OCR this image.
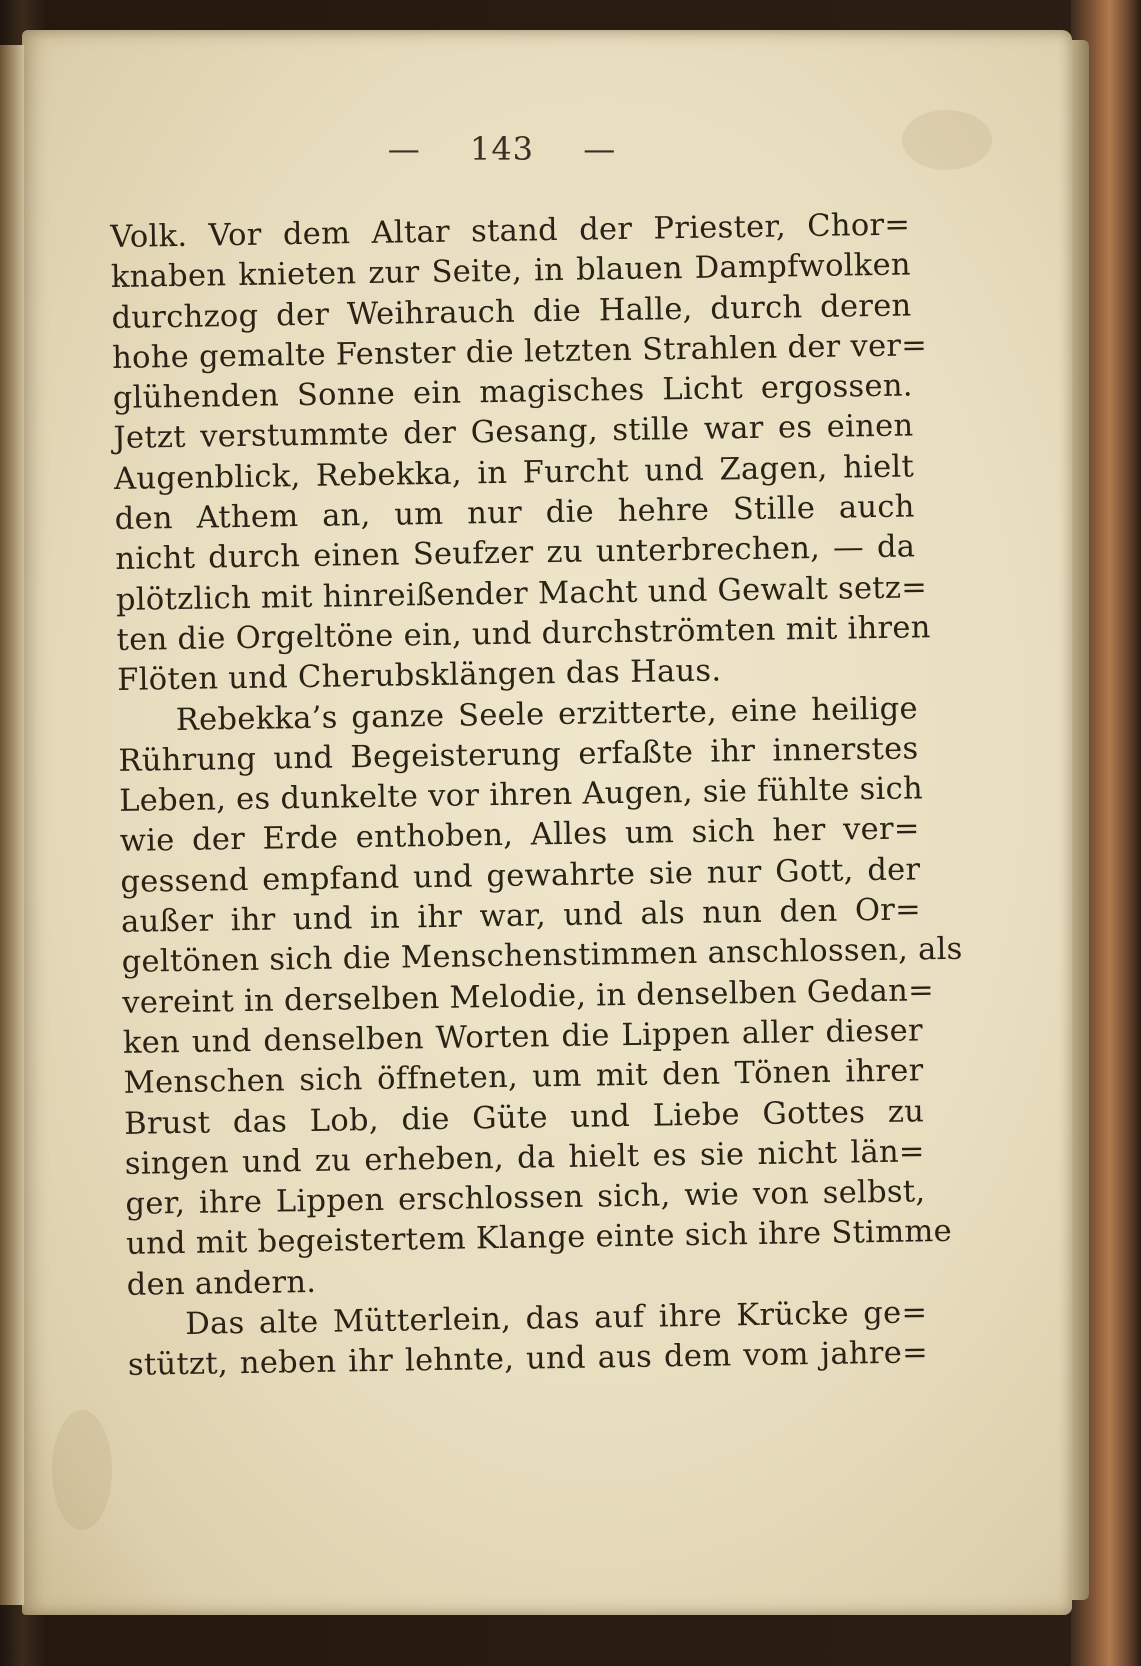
— 143 —
Volk. Vor dem Altar stand der Priester, Chor=
knaben knieten zur Seite, in blauen Dampfwolken
durchzog der Weihrauch die Halle, durch deren
hohe gemalte Fenster die letzten Strahlen der ver=
glühenden Sonne ein magisches Licht ergossen.
Jetzt verstummte der Gesang, stille war es einen
Augenblick, Rebekka, in Furcht und Zagen, hielt
den Athem an, um nur die hehre Stille auch
nicht durch einen Seufzer zu unterbrechen, — da
plötzlich mit hinreißender Macht und Gewalt setz=
ten die Orgeltöne ein, und durchströmten mit ihren
Flöten und Cherubsklängen das Haus.
Rebekka’s ganze Seele erzitterte, eine heilige
Rührung und Begeisterung erfaßte ihr innerstes
Leben, es dunkelte vor ihren Augen, sie fühlte sich
wie der Erde enthoben, Alles um sich her ver=
gessend empfand und gewahrte sie nur Gott, der
außer ihr und in ihr war, und als nun den Or=
geltönen sich die Menschenstimmen anschlossen, als
vereint in derselben Melodie, in denselben Gedan=
ken und denselben Worten die Lippen aller dieser
Menschen sich öffneten, um mit den Tönen ihrer
Brust das Lob, die Güte und Liebe Gottes zu
singen und zu erheben, da hielt es sie nicht län=
ger, ihre Lippen erschlossen sich, wie von selbst,
und mit begeistertem Klange einte sich ihre Stimme
den andern.
Das alte Mütterlein, das auf ihre Krücke ge=
stützt, neben ihr lehnte, und aus dem vom jahre=
